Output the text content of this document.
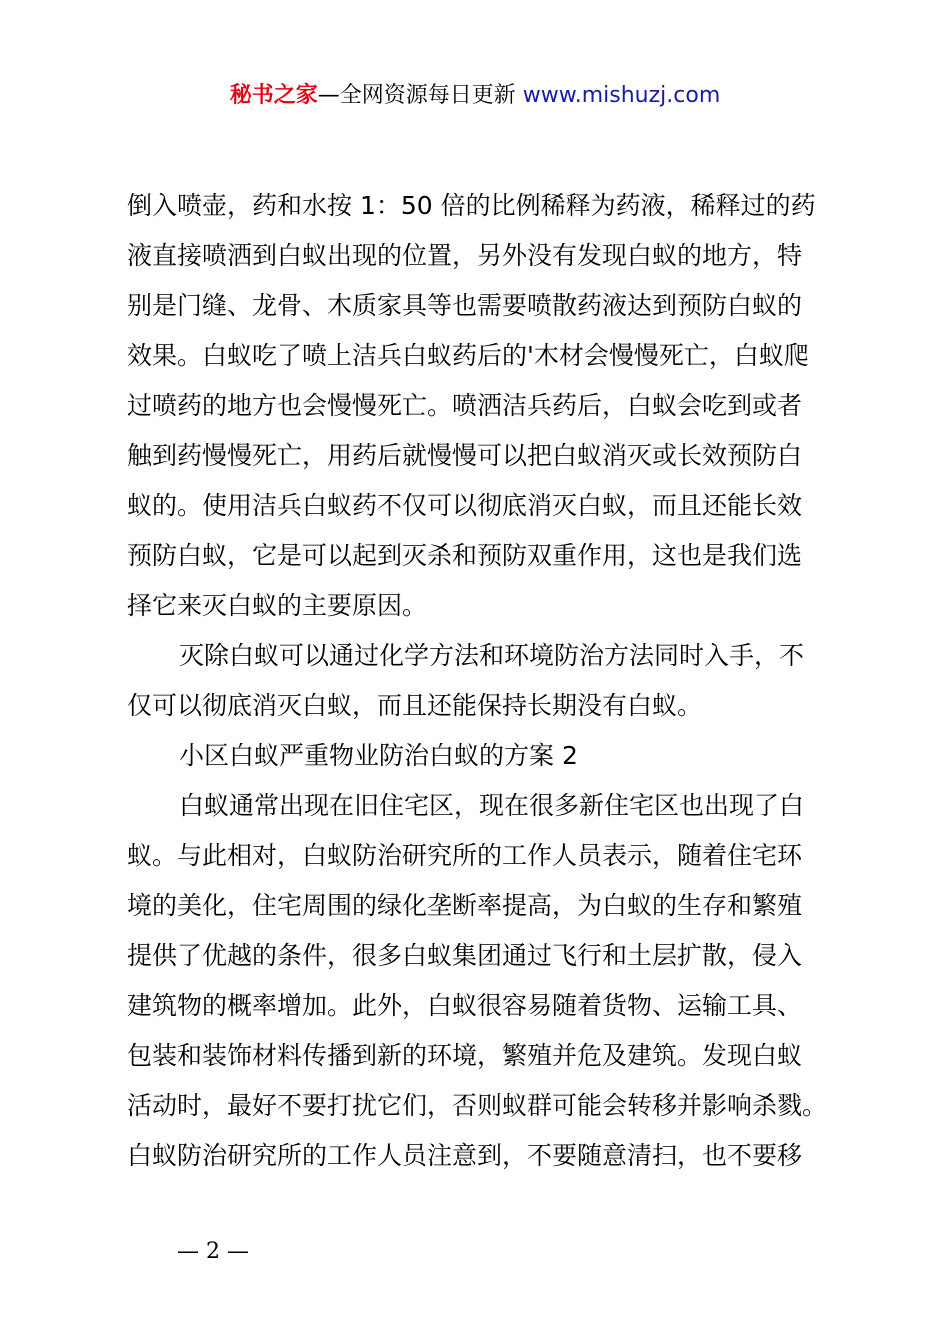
秘书之家—全网资源每日更新 www.mishuzj.com
倒入喷壶，药和水按 1：50 倍的比例稀释为药液，稀释过的药
液直接喷洒到白蚁出现的位置，另外没有发现白蚁的地方，特
别是门缝、龙骨、木质家具等也需要喷散药液达到预防白蚁的
效果。白蚁吃了喷上洁兵白蚁药后的'木材会慢慢死亡，白蚁爬
过喷药的地方也会慢慢死亡。喷洒洁兵药后，白蚁会吃到或者
触到药慢慢死亡，用药后就慢慢可以把白蚁消灭或长效预防白
蚁的。使用洁兵白蚁药不仅可以彻底消灭白蚁，而且还能长效
预防白蚁，它是可以起到灭杀和预防双重作用，这也是我们选
择它来灭白蚁的主要原因。
灭除白蚁可以通过化学方法和环境防治方法同时入手，不
仅可以彻底消灭白蚁，而且还能保持长期没有白蚁。
小区白蚁严重物业防治白蚁的方案 2
白蚁通常出现在旧住宅区，现在很多新住宅区也出现了白
蚁。与此相对，白蚁防治研究所的工作人员表示，随着住宅环
境的美化，住宅周围的绿化垄断率提高，为白蚁的生存和繁殖
提供了优越的条件，很多白蚁集团通过飞行和土层扩散，侵入
建筑物的概率增加。此外，白蚁很容易随着货物、运输工具、
包装和装饰材料传播到新的环境，繁殖并危及建筑。发现白蚁
活动时，最好不要打扰它们，否则蚁群可能会转移并影响杀戮。
白蚁防治研究所的工作人员注意到，不要随意清扫，也不要移
— 2 —
